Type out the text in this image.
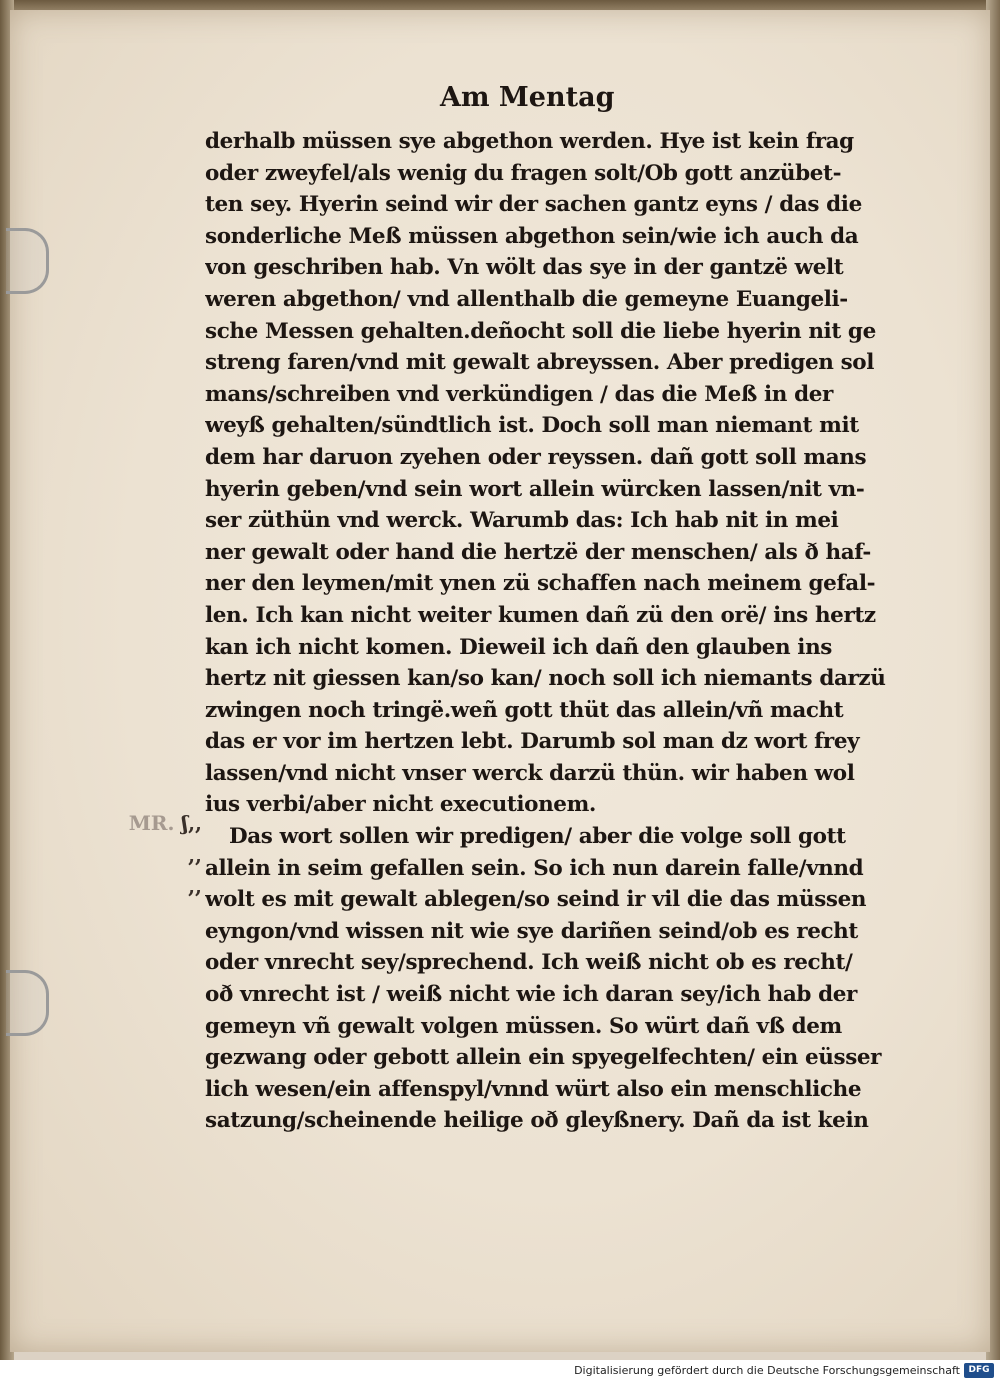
Am Mentag
derhalb müssen sye abgethon werden. Hye ist kein frag
oder zweyfel/als wenig du fragen solt/Ob gott anzübet-
ten sey. Hyerin seind wir der sachen gantz eyns / das die
sonderliche Meß müssen abgethon sein/wie ich auch da
von geschriben hab. Vn wölt das sye in der gantzë welt
weren abgethon/ vnd allenthalb die gemeyne Euangeli-
sche Messen gehalten.deñocht soll die liebe hyerin nit ge
streng faren/vnd mit gewalt abreyssen. Aber predigen sol
mans/schreiben vnd verkündigen / das die Meß in der
weyß gehalten/sündtlich ist. Doch soll man niemant mit
dem har daruon zyehen oder reyssen. dañ gott soll mans
hyerin geben/vnd sein wort allein würcken lassen/nit vn-
ser züthün vnd werck. Warumb das: Ich hab nit in mei
ner gewalt oder hand die hertzë der menschen/ als ð haf-
ner den leymen/mit ynen zü schaffen nach meinem gefal-
len. Ich kan nicht weiter kumen dañ zü den orë/ ins hertz
kan ich nicht komen. Dieweil ich dañ den glauben ins
hertz nit giessen kan/so kan/ noch soll ich niemants darzü
zwingen noch tringë.weñ gott thüt das allein/vñ macht
das er vor im hertzen lebt. Darumb sol man dz wort frey
lassen/vnd nicht vnser werck darzü thün. wir haben wol
ius verbi/aber nicht executionem.
Das wort sollen wir predigen/ aber die volge soll gott
allein in seim gefallen sein. So ich nun darein falle/vnnd
wolt es mit gewalt ablegen/so seind ir vil die das müssen
eyngon/vnd wissen nit wie sye dariñen seind/ob es recht
oder vnrecht sey/sprechend. Ich weiß nicht ob es recht/
oð vnrecht ist / weiß nicht wie ich daran sey/ich hab der
gemeyn vñ gewalt volgen müssen. So würt dañ vß dem
gezwang oder gebott allein ein spyegelfechten/ ein eüsser
lich wesen/ein affenspyl/vnnd würt also ein menschliche
satzung/scheinende heilige oð gleyßnery. Dañ da ist kein
MR. ʃ,,
,,
,,
Digitalisierung gefördert durch die Deutsche Forschungsgemeinschaft DFG
